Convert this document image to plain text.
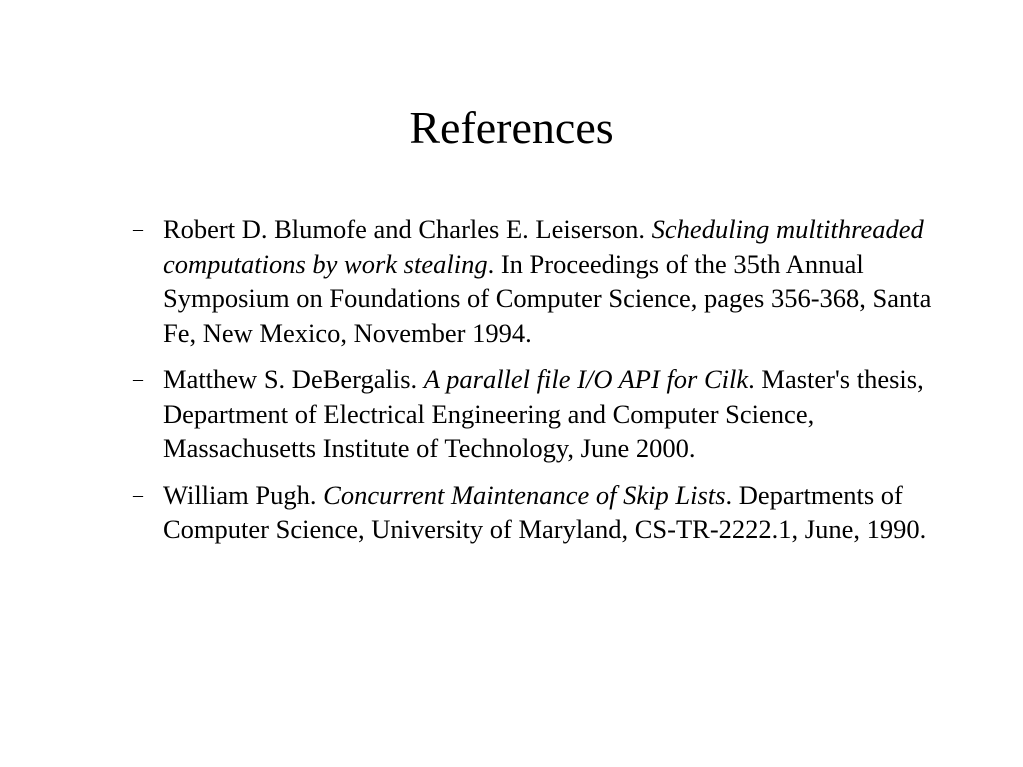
References
– Robert D. Blumofe and Charles E. Leiserson. Scheduling multithreaded computations by work stealing. In Proceedings of the 35th Annual Symposium on Foundations of Computer Science, pages 356-368, Santa Fe, New Mexico, November 1994.
– Matthew S. DeBergalis. A parallel file I/O API for Cilk. Master's thesis, Department of Electrical Engineering and Computer Science, Massachusetts Institute of Technology, June 2000.
– William Pugh. Concurrent Maintenance of Skip Lists. Departments of Computer Science, University of Maryland, CS-TR-2222.1, June, 1990.
